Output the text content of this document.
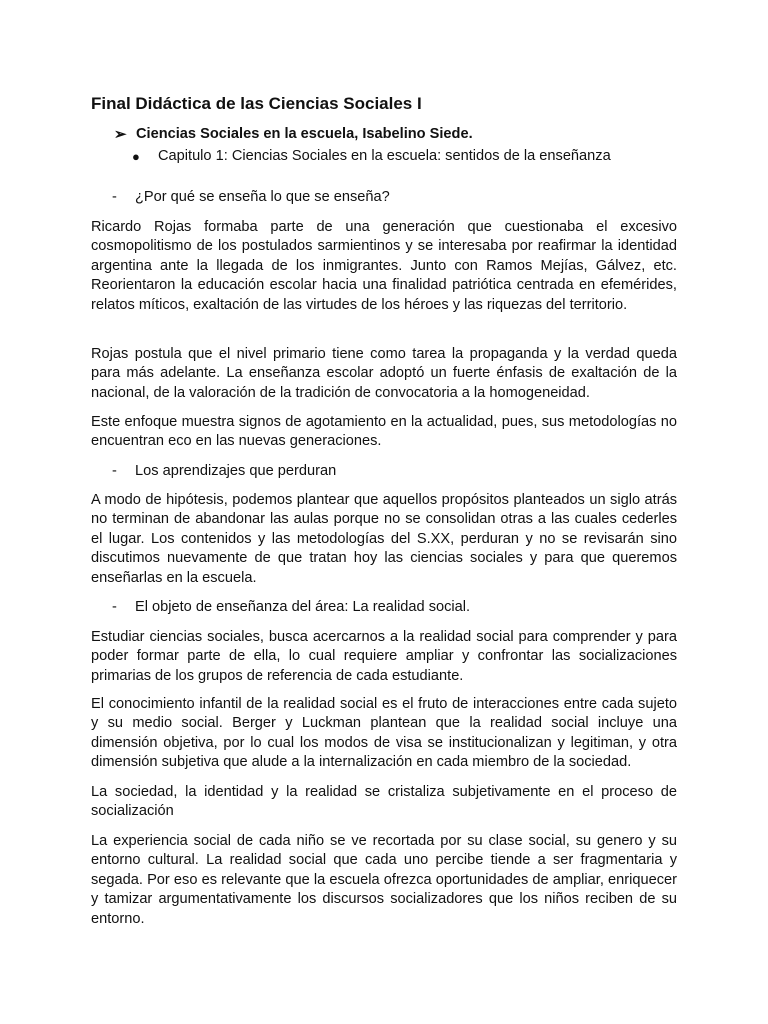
Final Didáctica de las Ciencias Sociales I
➢ Ciencias Sociales en la escuela, Isabelino Siede.
● Capitulo 1: Ciencias Sociales en la escuela: sentidos de la enseñanza
- ¿Por qué se enseña lo que se enseña?

Ricardo Rojas formaba parte de una generación que cuestionaba el excesivo cosmopolitismo de los postulados sarmientinos y se interesaba por reafirmar la identidad argentina ante la llegada de los inmigrantes. Junto con Ramos Mejías, Gálvez, etc. Reorientaron la educación escolar hacia una finalidad patriótica centrada en efemérides, relatos míticos, exaltación de las virtudes de los héroes y las riquezas del territorio.

Rojas postula que el nivel primario tiene como tarea la propaganda y la verdad queda para más adelante. La enseñanza escolar adoptó un fuerte énfasis de exaltación de la nacional, de la valoración de la tradición de convocatoria a la homogeneidad.

Este enfoque muestra signos de agotamiento en la actualidad, pues, sus metodologías no encuentran eco en las nuevas generaciones.

- Los aprendizajes que perduran

A modo de hipótesis, podemos plantear que aquellos propósitos planteados un siglo atrás no terminan de abandonar las aulas porque no se consolidan otras a las cuales cederles el lugar. Los contenidos y las metodologías del S.XX, perduran y no se revisarán sino discutimos nuevamente de que tratan hoy las ciencias sociales y para que queremos enseñarlas en la escuela.

- El objeto de enseñanza del área: La realidad social.

Estudiar ciencias sociales, busca acercarnos a la realidad social para comprender y para poder formar parte de ella, lo cual requiere ampliar y confrontar las socializaciones primarias de los grupos de referencia de cada estudiante.

El conocimiento infantil de la realidad social es el fruto de interacciones entre cada sujeto y su medio social. Berger y Luckman plantean que la realidad social incluye una dimensión objetiva, por lo cual los modos de visa se institucionalizan y legitiman, y otra dimensión subjetiva que alude a la internalización en cada miembro de la sociedad.

La sociedad, la identidad y la realidad se cristaliza subjetivamente en el proceso de socialización

La experiencia social de cada niño se ve recortada por su clase social, su genero y su entorno cultural. La realidad social que cada uno percibe tiende a ser fragmentaria y segada. Por eso es relevante que la escuela ofrezca oportunidades de ampliar, enriquecer y tamizar argumentativamente los discursos socializadores que los niños reciben de su entorno.
